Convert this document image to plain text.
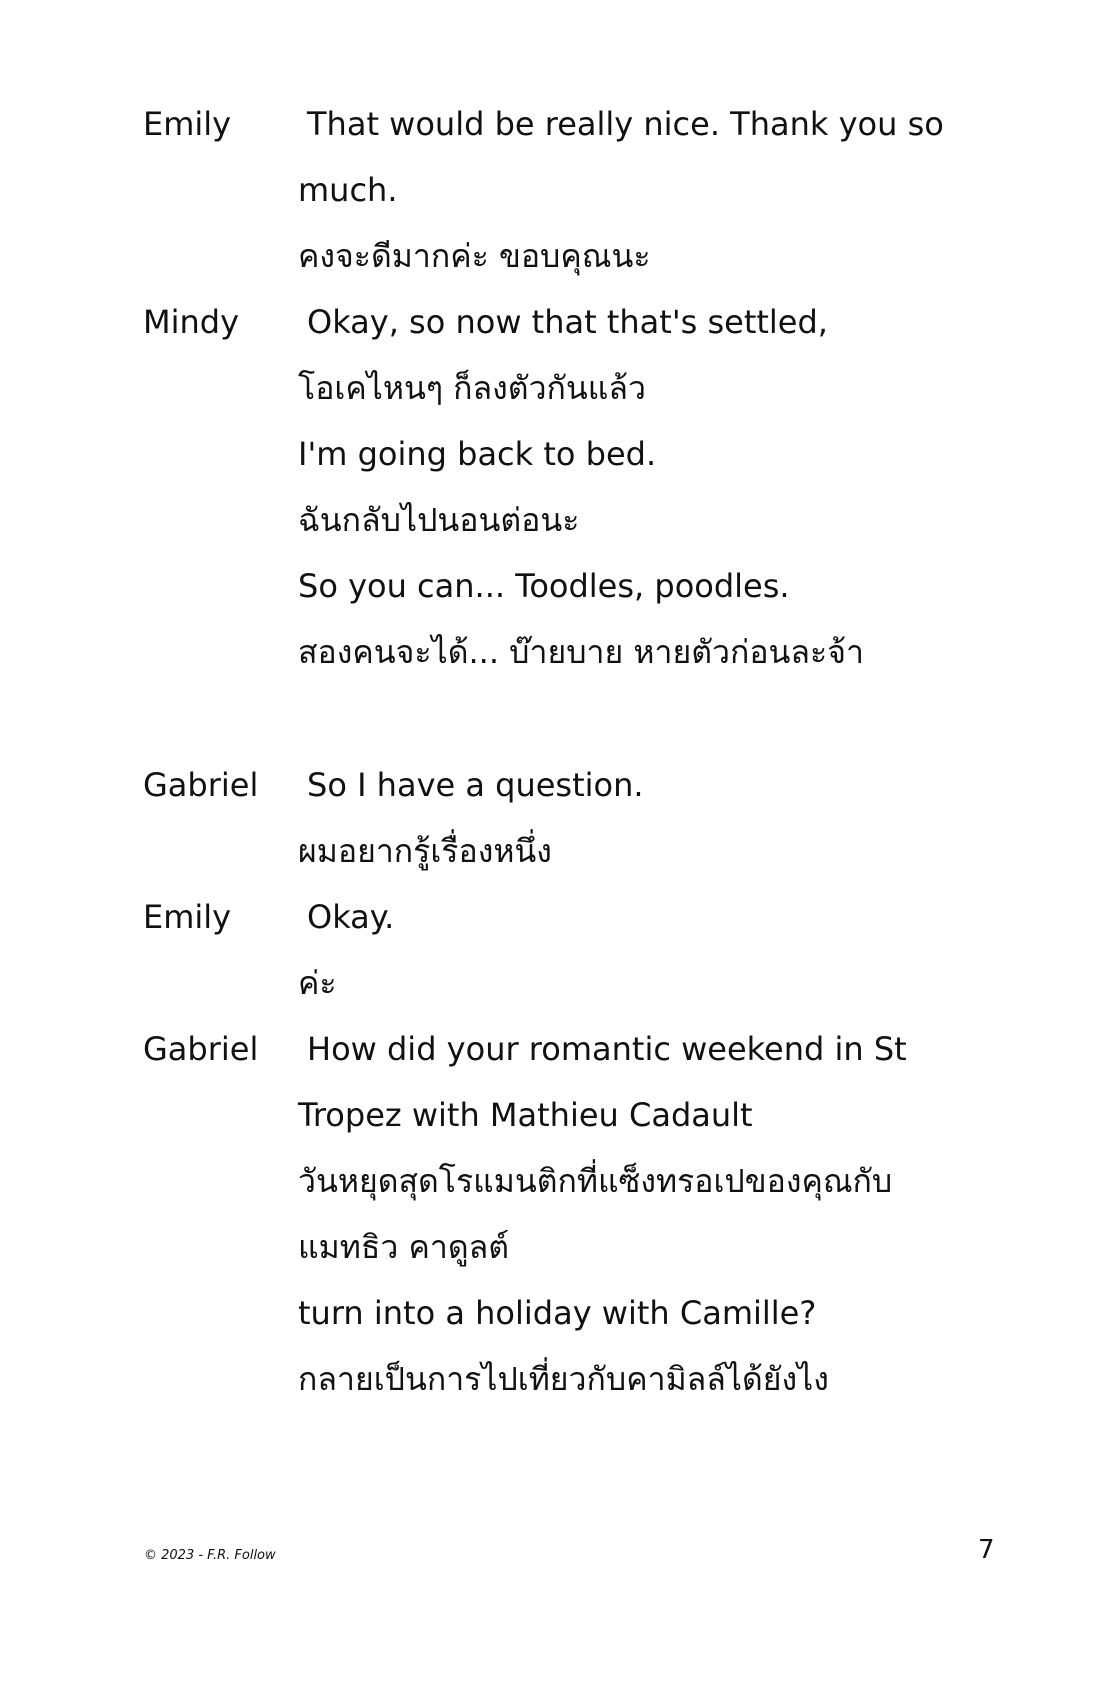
Emily That would be really nice. Thank you so
much.
คงจะดีมากค่ะ ขอบคุณนะ
Mindy Okay, so now that that's settled,
โอเคไหนๆ ก็ลงตัวกันแล้ว
I'm going back to bed.
ฉันกลับไปนอนต่อนะ
So you can... Toodles, poodles.
สองคนจะได้... บ๊ายบาย หายตัวก่อนละจ้า
Gabriel So I have a question.
ผมอยากรู้เรื่องหนึ่ง
Emily Okay.
ค่ะ
Gabriel How did your romantic weekend in St
Tropez with Mathieu Cadault
วันหยุดสุดโรแมนติกที่แซ็งทรอเปของคุณกับ
แมทธิว คาดูลต์
turn into a holiday with Camille?
กลายเป็นการไปเที่ยวกับคามิลล์ได้ยังไง
© 2023 - F.R. Follow	7
